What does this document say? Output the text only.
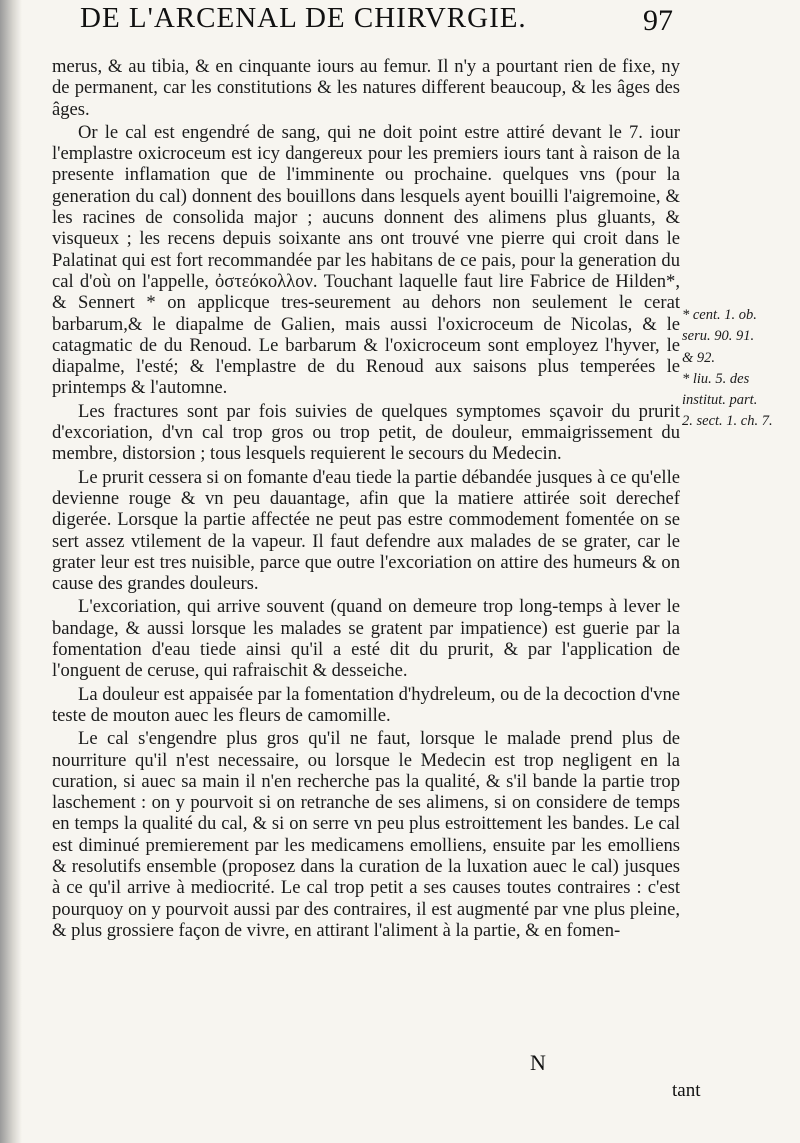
DE L'ARCENAL DE CHIRVRGIE.	97

merus, & au tibia, & en cinquante iours au femur. Il n'y a pourtant rien de fixe, ny de permanent, car les constitutions & les natures different beaucoup, & les âges des âges.

Or le cal est engendré de sang, qui ne doit point estre attiré devant le 7. iour l'emplastre oxicroceum est icy dangereux pour les premiers iours tant à raison de la presente inflamation que de l'imminente ou prochaine. quelques vns (pour la generation du cal) donnent des bouillons dans lesquels ayent bouilli l'aigremoine, & les racines de consolida major ; aucuns donnent des alimens plus gluants, & visqueux ; les recens depuis soixante ans ont trouvé vne pierre qui croit dans le Palatinat qui est fort recommandée par les habitans de ce pais, pour la generation du cal d'où on l'appelle, ὀστεόκολλον. Touchant laquelle faut lire Fabrice de Hilden*, & Sennert * on applicque tres-seurement au dehors non seulement le cerat barbarum,& le diapalme de Galien, mais aussi l'oxicroceum de Nicolas, & le catagmatic de du Renoud. Le barbarum & l'oxicroceum sont employez l'hyver, le diapalme, l'esté; & l'emplastre de du Renoud aux saisons plus temperées le printemps & l'automne.

Les fractures sont par fois suivies de quelques symptomes sçavoir du prurit d'excoriation, d'vn cal trop gros ou trop petit, de douleur, emmaigrissement du membre, distorsion ; tous lesquels requierent le secours du Medecin.

Le prurit cessera si on fomante d'eau tiede la partie débandée jusques à ce qu'elle devienne rouge & vn peu dauantage, afin que la matiere attirée soit derechef digerée. Lorsque la partie affectée ne peut pas estre commodement fomentée on se sert assez vtilement de la vapeur. Il faut defendre aux malades de se grater, car le grater leur est tres nuisible, parce que outre l'excoriation on attire des humeurs & on cause des grandes douleurs.

L'excoriation, qui arrive souvent (quand on demeure trop long-temps à lever le bandage, & aussi lorsque les malades se gratent par impatience) est guerie par la fomentation d'eau tiede ainsi qu'il a esté dit du prurit, & par l'application de l'onguent de ceruse, qui rafraischit & desseiche.

La douleur est appaisée par la fomentation d'hydreleum, ou de la decoction d'vne teste de mouton auec les fleurs de camomille.

Le cal s'engendre plus gros qu'il ne faut, lorsque le malade prend plus de nourriture qu'il n'est necessaire, ou lorsque le Medecin est trop negligent en la curation, si auec sa main il n'en recherche pas la qualité, & s'il bande la partie trop laschement : on y pourvoit si on retranche de ses alimens, si on considere de temps en temps la qualité du cal, & si on serre vn peu plus estroittement les bandes. Le cal est diminué premierement par les medicamens emolliens, ensuite par les emolliens & resolutifs ensemble (proposez dans la curation de la luxation auec le cal) jusques à ce qu'il arrive à mediocrité. Le cal trop petit a ses causes toutes contraires : c'est pourquoy on y pourvoit aussi par des contraires, il est augmenté par vne plus pleine, & plus grossiere façon de vivre, en attirant l'aliment à la partie, & en fomen-

* cent. 1. ob.
seru. 90. 91.
& 92.
* liu. 5. des
institut. part.
2. sect. 1. ch. 7.
N
tant
